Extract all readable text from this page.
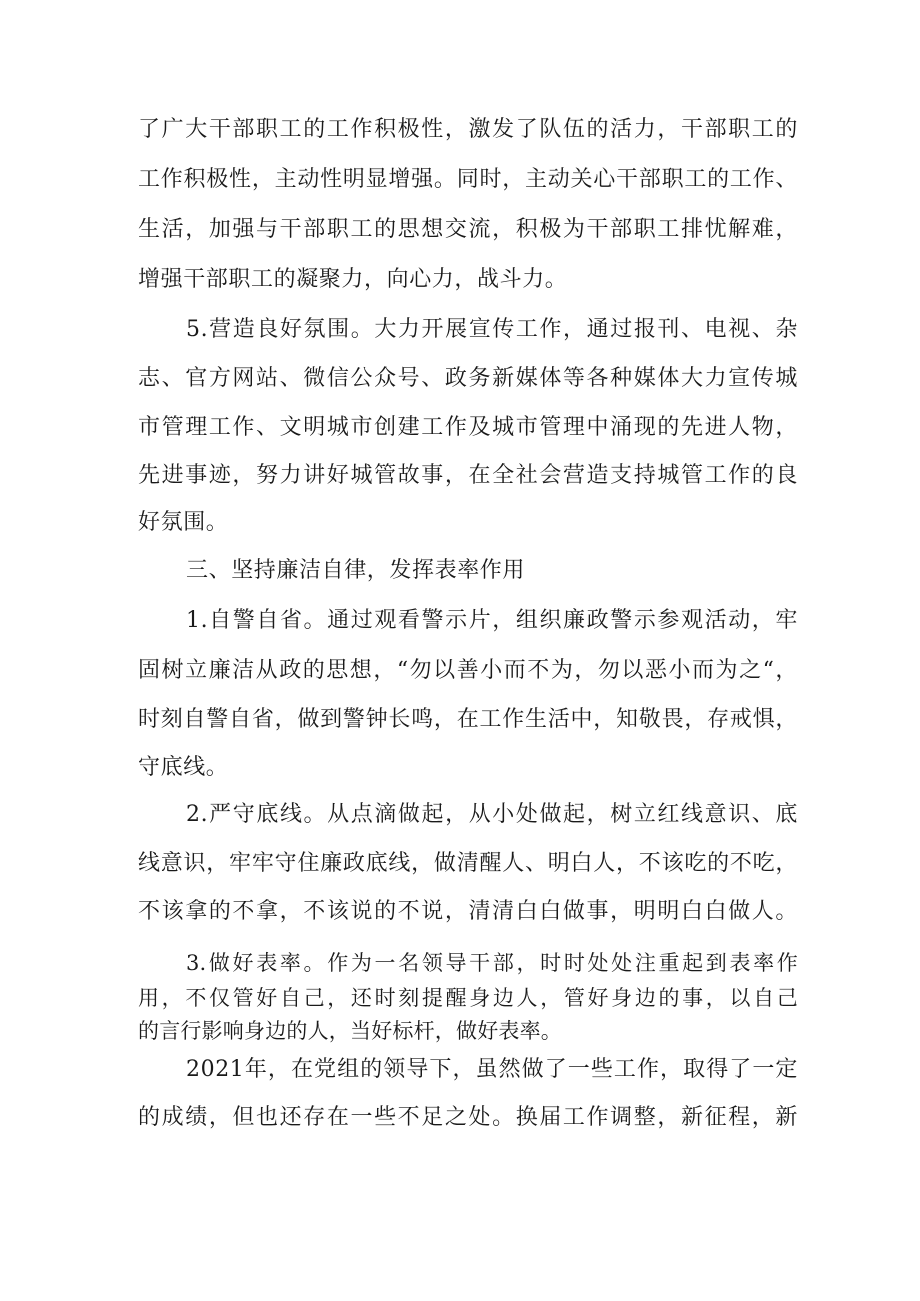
了广大干部职工的工作积极性，激发了队伍的活力，干部职工的
工作积极性，主动性明显增强。同时，主动关心干部职工的工作、
生活，加强与干部职工的思想交流，积极为干部职工排忧解难，
增强干部职工的凝聚力，向心力，战斗力。
5.营造良好氛围。大力开展宣传工作，通过报刊、电视、杂
志、官方网站、微信公众号、政务新媒体等各种媒体大力宣传城
市管理工作、文明城市创建工作及城市管理中涌现的先进人物，
先进事迹，努力讲好城管故事，在全社会营造支持城管工作的良
好氛围。
三、坚持廉洁自律，发挥表率作用
1.自警自省。通过观看警示片，组织廉政警示参观活动，牢
固树立廉洁从政的思想，“勿以善小而不为，勿以恶小而为之“，
时刻自警自省，做到警钟长鸣，在工作生活中，知敬畏，存戒惧，
守底线。
2.严守底线。从点滴做起，从小处做起，树立红线意识、底
线意识，牢牢守住廉政底线，做清醒人、明白人，不该吃的不吃，
不该拿的不拿，不该说的不说，清清白白做事，明明白白做人。
3.做好表率。作为一名领导干部，时时处处注重起到表率作
用，不仅管好自己，还时刻提醒身边人，管好身边的事，以自己
的言行影响身边的人，当好标杆，做好表率。
2021年，在党组的领导下，虽然做了一些工作，取得了一定
的成绩，但也还存在一些不足之处。换届工作调整，新征程，新
